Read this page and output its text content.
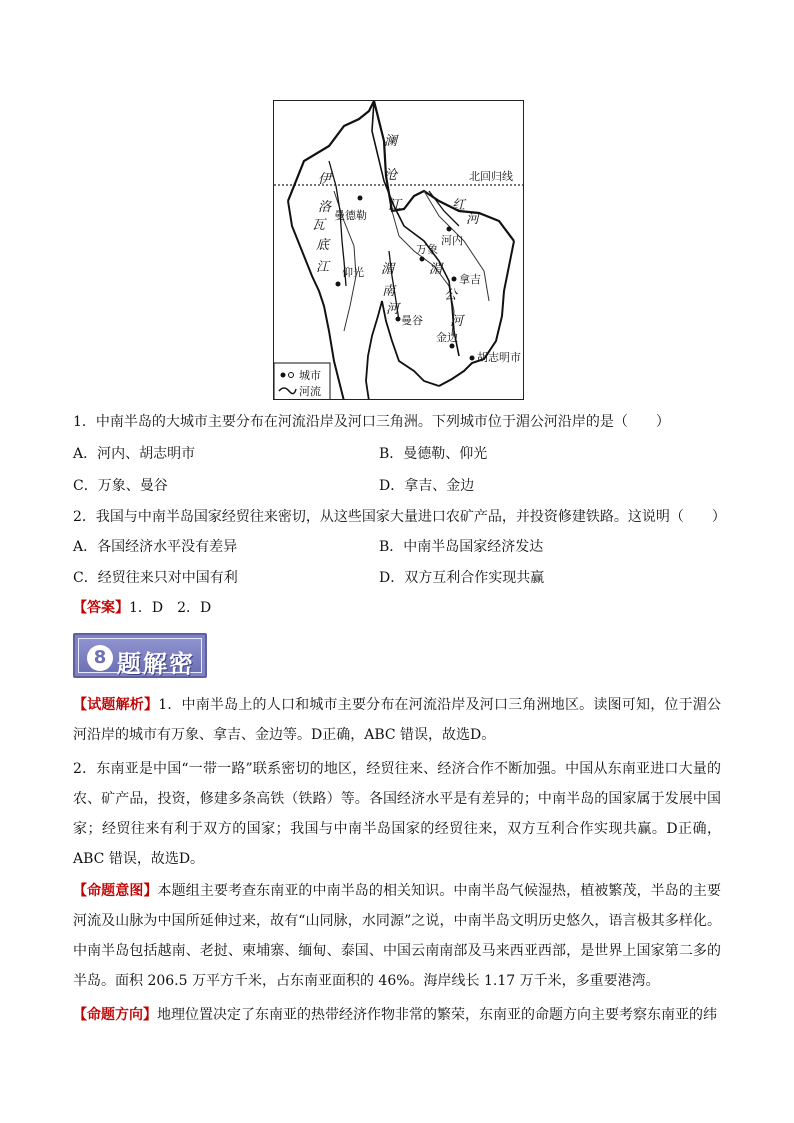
北回归线
澜
沧
江
湄
公
河
伊
洛
瓦
底
江	湄
南
河
红
河
曼德勒
仰光
河内
万象
拿吉
曼谷
金边
胡志明市
城市
河流
1．中南半岛的大城市主要分布在河流沿岸及河口三角洲。下列城市位于湄公河沿岸的是（　　）
A．河内、胡志明市	B．曼德勒、仰光
C．万象、曼谷	D．拿吉、金边
2．我国与中南半岛国家经贸往来密切，从这些国家大量进口农矿产品，并投资修建铁路。这说明（　　）
A．各国经济水平没有差异	B．中南半岛国家经济发达
C．经贸往来只对中国有利	D．双方互利合作实现共赢
【答案】1．D　2．D
8 题解密
【试题解析】1．中南半岛上的人口和城市主要分布在河流沿岸及河口三角洲地区。读图可知，位于湄公河沿岸的城市有万象、拿吉、金边等。D正确，ABC 错误，故选D。
2．东南亚是中国“一带一路”联系密切的地区，经贸往来、经济合作不断加强。中国从东南亚进口大量的农、矿产品，投资，修建多条高铁（铁路）等。各国经济水平是有差异的；中南半岛的国家属于发展中国家；经贸往来有利于双方的国家；我国与中南半岛国家的经贸往来，双方互利合作实现共赢。D正确，ABC 错误，故选D。
【命题意图】本题组主要考查东南亚的中南半岛的相关知识。中南半岛气候湿热，植被繁茂，半岛的主要河流及山脉为中国所延伸过来，故有“山同脉，水同源”之说，中南半岛文明历史悠久，语言极其多样化。中南半岛包括越南、老挝、柬埔寨、缅甸、泰国、中国云南南部及马来西亚西部，是世界上国家第二多的半岛。面积 206.5 万平方千米，占东南亚面积的 46%。海岸线长 1.17 万千米，多重要港湾。
【命题方向】地理位置决定了东南亚的热带经济作物非常的繁荣，东南亚的命题方向主要考察东南亚的纬
